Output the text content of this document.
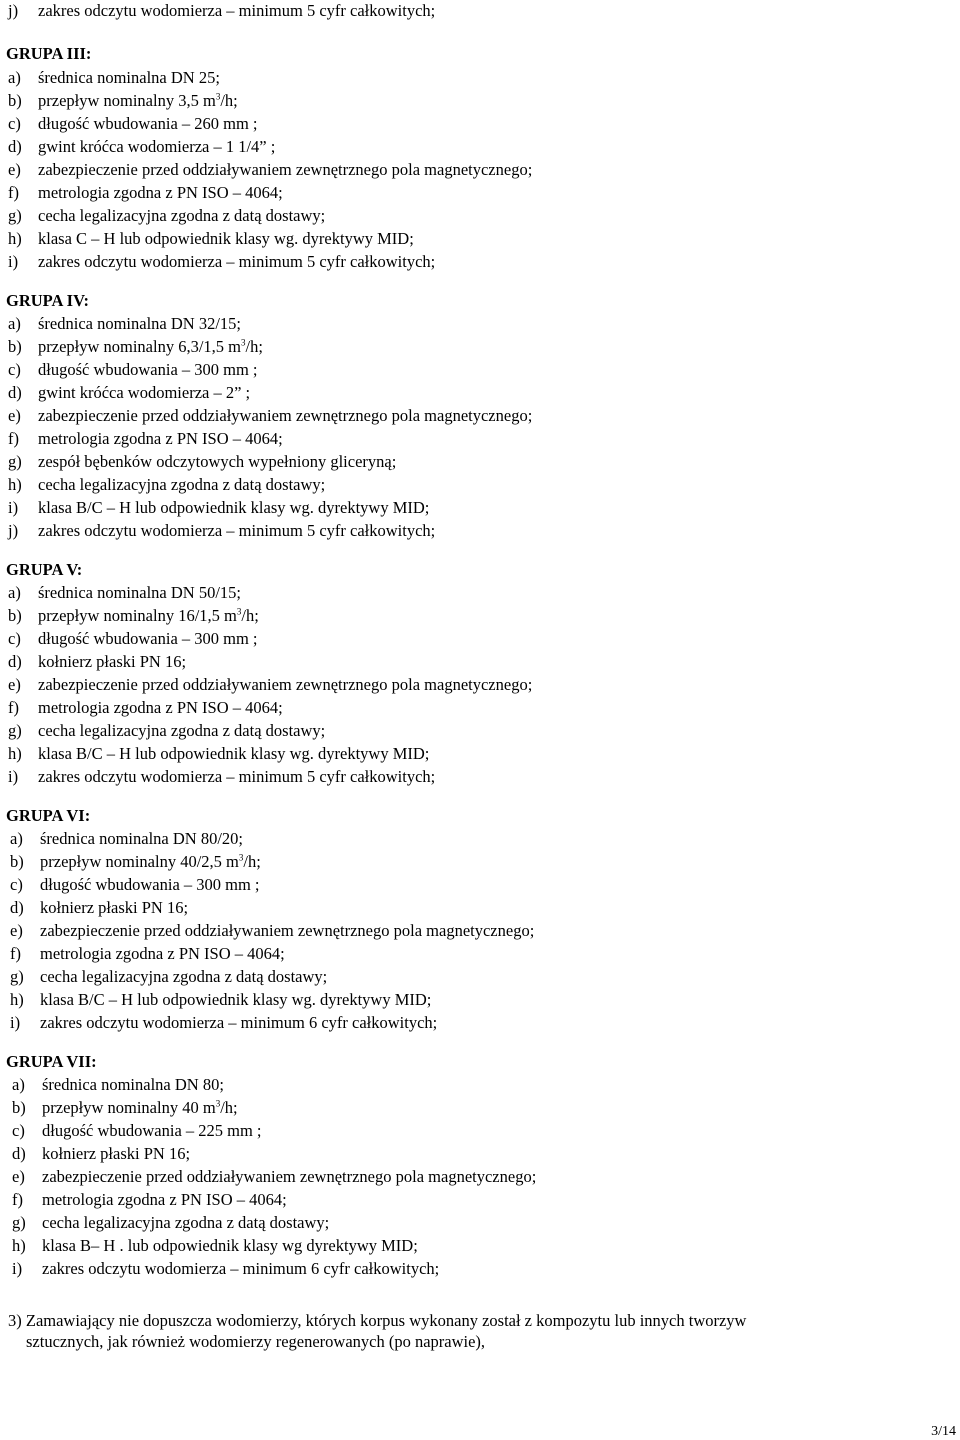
j) zakres odczytu wodomierza – minimum 5 cyfr całkowitych;
GRUPA III:
a) średnica nominalna DN 25;
b) przepływ nominalny 3,5 $m^3/h$;
c) długość wbudowania – 260 mm ;
d) gwint króćca wodomierza – 1 1/4” ;
e) zabezpieczenie przed oddziaływaniem zewnętrznego pola magnetycznego;
f) metrologia zgodna z PN ISO – 4064;
g) cecha legalizacyjna zgodna z datą dostawy;
h) klasa C – H lub odpowiednik klasy wg. dyrektywy MID;
i) zakres odczytu wodomierza – minimum 5 cyfr całkowitych;
GRUPA IV:
a) średnica nominalna DN 32/15;
b) przepływ nominalny 6,3/1,5 $m^3/h$;
c) długość wbudowania – 300 mm ;
d) gwint króćca wodomierza – 2” ;
e) zabezpieczenie przed oddziaływaniem zewnętrznego pola magnetycznego;
f) metrologia zgodna z PN ISO – 4064;
g) zespół bębenków odczytowych wypełniony gliceryną;
h) cecha legalizacyjna zgodna z datą dostawy;
i) klasa B/C – H lub odpowiednik klasy wg. dyrektywy MID;
j) zakres odczytu wodomierza – minimum 5 cyfr całkowitych;
GRUPA V:
a) średnica nominalna DN 50/15;
b) przepływ nominalny 16/1,5 $m^3/h$;
c) długość wbudowania – 300 mm ;
d) kołnierz płaski PN 16;
e) zabezpieczenie przed oddziaływaniem zewnętrznego pola magnetycznego;
f) metrologia zgodna z PN ISO – 4064;
g) cecha legalizacyjna zgodna z datą dostawy;
h) klasa B/C – H lub odpowiednik klasy wg. dyrektywy MID;
i) zakres odczytu wodomierza – minimum 5 cyfr całkowitych;
GRUPA VI:
a) średnica nominalna DN 80/20;
b) przepływ nominalny 40/2,5 $m^3/h$;
c) długość wbudowania – 300 mm ;
d) kołnierz płaski PN 16;
e) zabezpieczenie przed oddziaływaniem zewnętrznego pola magnetycznego;
f) metrologia zgodna z PN ISO – 4064;
g) cecha legalizacyjna zgodna z datą dostawy;
h) klasa B/C – H lub odpowiednik klasy wg. dyrektywy MID;
i) zakres odczytu wodomierza – minimum 6 cyfr całkowitych;
GRUPA VII:
a) średnica nominalna DN 80;
b) przepływ nominalny 40 $m^3/h$;
c) długość wbudowania – 225 mm ;
d) kołnierz płaski PN 16;
e) zabezpieczenie przed oddziaływaniem zewnętrznego pola magnetycznego;
f) metrologia zgodna z PN ISO – 4064;
g) cecha legalizacyjna zgodna z datą dostawy;
h) klasa B– H . lub odpowiednik klasy wg dyrektywy MID;
i) zakres odczytu wodomierza – minimum 6 cyfr całkowitych;
3) Zamawiający nie dopuszcza wodomierzy, których korpus wykonany został z kompozytu lub innych tworzyw
sztucznych, jak również wodomierzy regenerowanych (po naprawie),
3/14
